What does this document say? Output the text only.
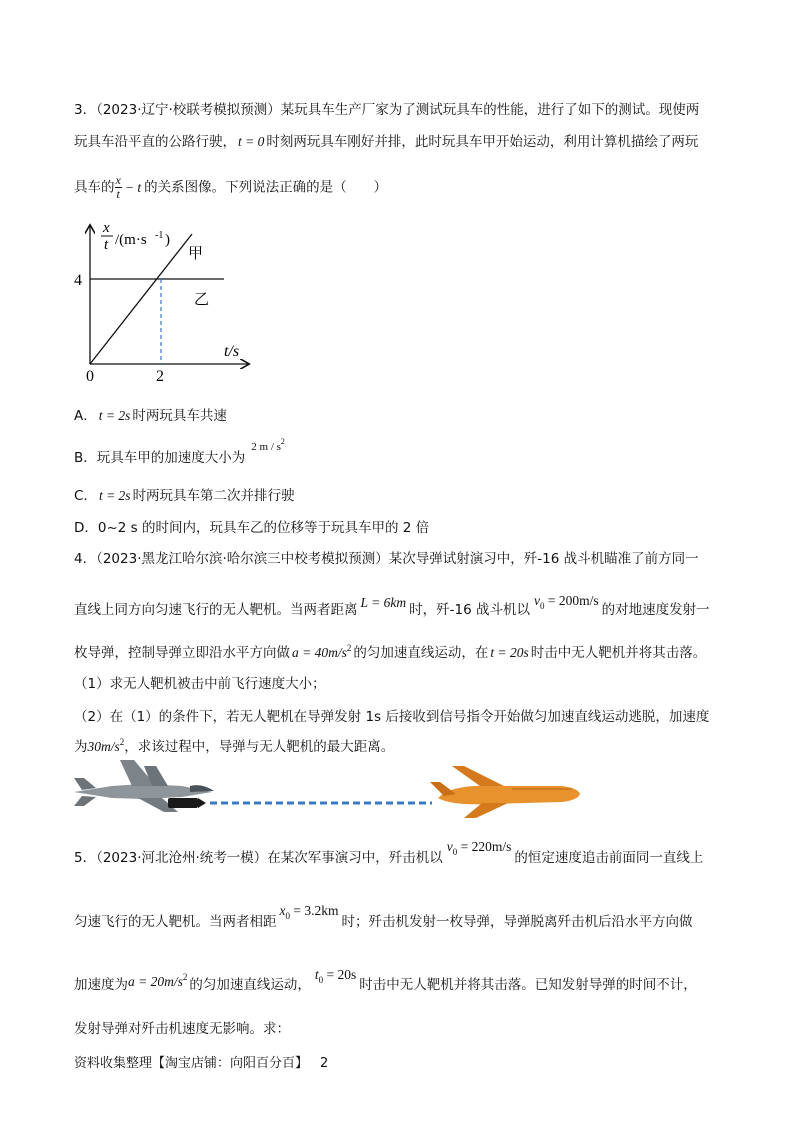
3．（2023·辽宁·校联考模拟预测）某玩具车生产厂家为了测试玩具车的性能，进行了如下的测试。现使两
玩具车沿平直的公路行驶， t = 0 时刻两玩具车刚好并排，此时玩具车甲开始运动，利用计算机描绘了两玩
具车的 $\frac{x}{t} - t$ 的关系图像。下列说法正确的是（　　）
x
t /(m·s -1 )
甲
乙
4
0	2
t/s
A． t = 2s 时两玩具车共速
B．玩具车甲的加速度大小为$^{2 m / s2}$
C． t = 2s 时两玩具车第二次并排行驶
D．0~2 s 的时间内，玩具车乙的位移等于玩具车甲的 2 倍
4．（2023·黑龙江哈尔滨·哈尔滨三中校考模拟预测）某次导弹试射演习中，歼-16 战斗机瞄准了前方同一
直线上同方向匀速飞行的无人靶机。当两者距离 L = 6km 时，歼-16 战斗机以$v^0 = 200m/s$的对地速度发射一
枚导弹，控制导弹立即沿水平方向做 $a = 40m/s^2$ 的匀加速直线运动，在 t = 20s 时击中无人靶机并将其击落。
（1）求无人靶机被击中前飞行速度大小；
（2）在（1）的条件下，若无人靶机在导弹发射 1s 后接收到信号指令开始做匀加速直线运动逃脱，加速度
为$30m/s^2$，求该过程中，导弹与无人靶机的最大距离。
5．（2023·河北沧州·统考一模）在某次军事演习中，歼击机以$v^0 = 220m/s$的恒定速度追击前面同一直线上
匀速飞行的无人靶机。当两者相距$x^0 = 3.2km$时；歼击机发射一枚导弹，导弹脱离歼击机后沿水平方向做
加速度为$a = 20m/s^2$ 的匀加速直线运动，$t^0 = 20s$时击中无人靶机并将其击落。已知发射导弹的时间不计，
发射导弹对歼击机速度无影响。求：
资料收集整理【淘宝店铺：向阳百分百】 2
